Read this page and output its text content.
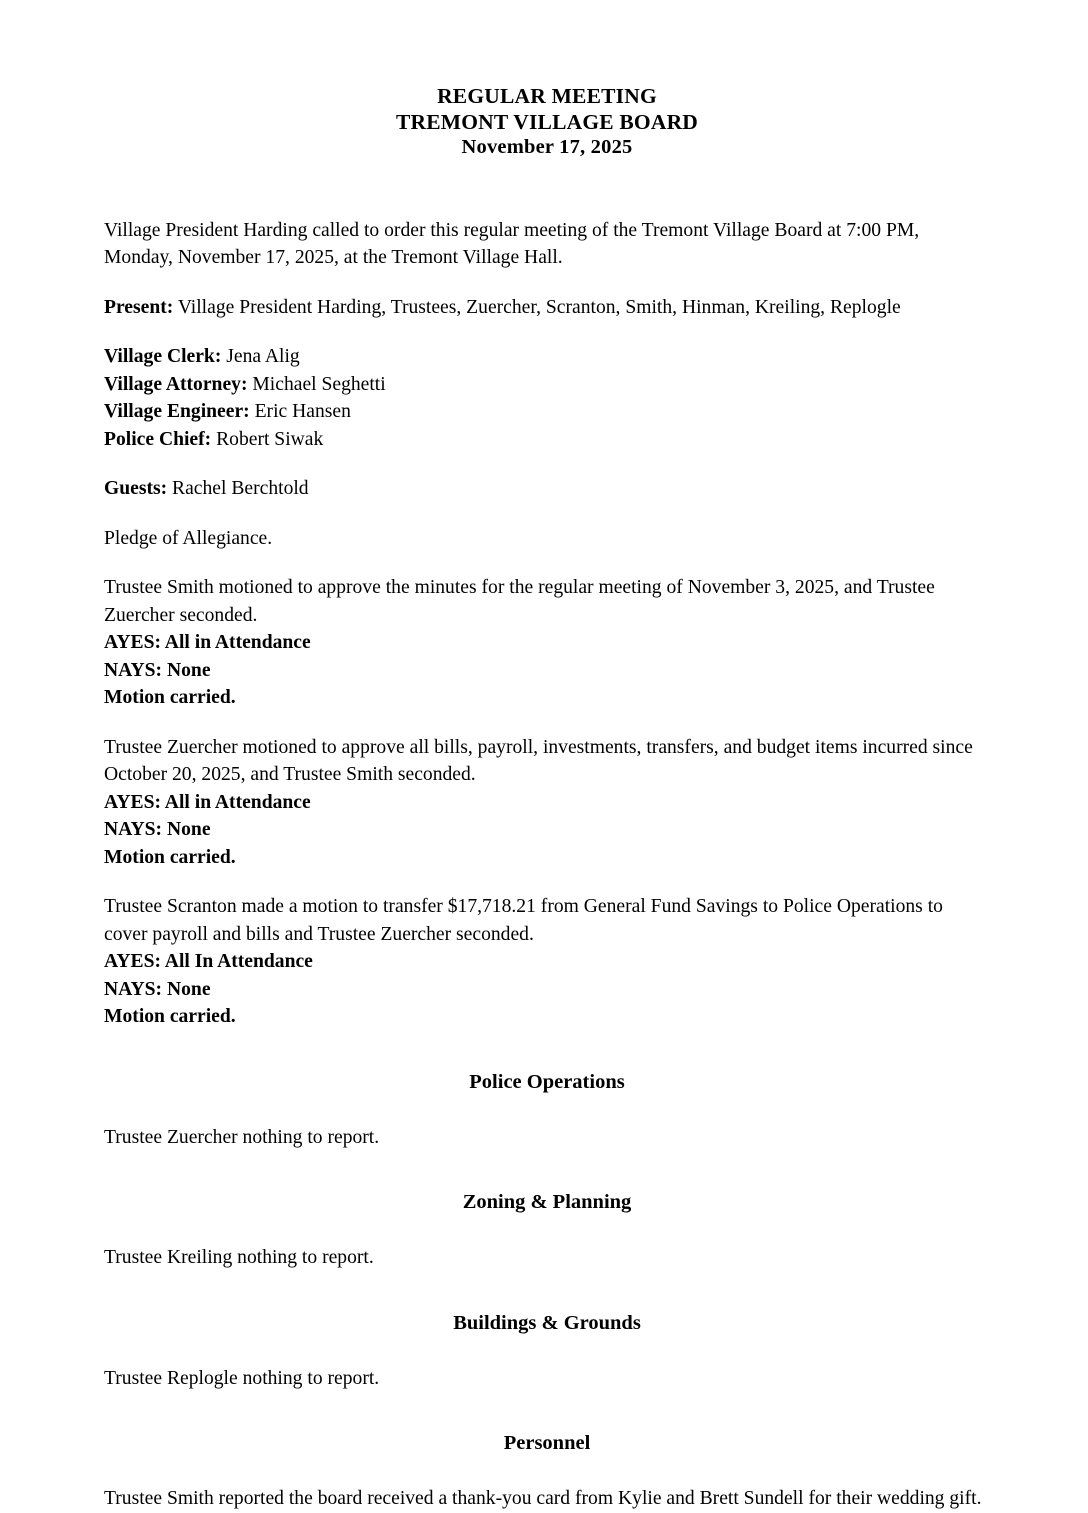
REGULAR MEETING
TREMONT VILLAGE BOARD
November 17, 2025

Village President Harding called to order this regular meeting of the Tremont Village Board at 7:00 PM, Monday, November 17, 2025, at the Tremont Village Hall.

Present: Village President Harding, Trustees, Zuercher, Scranton, Smith, Hinman, Kreiling, Replogle

Village Clerk: Jena Alig

Village Attorney: Michael Seghetti

Village Engineer: Eric Hansen

Police Chief: Robert Siwak

Guests: Rachel Berchtold

Pledge of Allegiance.

Trustee Smith motioned to approve the minutes for the regular meeting of November 3, 2025, and Trustee Zuercher seconded.

AYES: All in Attendance

NAYS: None

Motion carried.

Trustee Zuercher motioned to approve all bills, payroll, investments, transfers, and budget items incurred since October 20, 2025, and Trustee Smith seconded.

AYES: All in Attendance

NAYS: None

Motion carried.

Trustee Scranton made a motion to transfer $17,718.21 from General Fund Savings to Police Operations to cover payroll and bills and Trustee Zuercher seconded.

AYES: All In Attendance

NAYS: None

Motion carried.

Police Operations

Trustee Zuercher nothing to report.

Zoning & Planning

Trustee Kreiling nothing to report.

Buildings & Grounds

Trustee Replogle nothing to report.

Personnel

Trustee Smith reported the board received a thank-you card from Kylie and Brett Sundell for their wedding gift.
